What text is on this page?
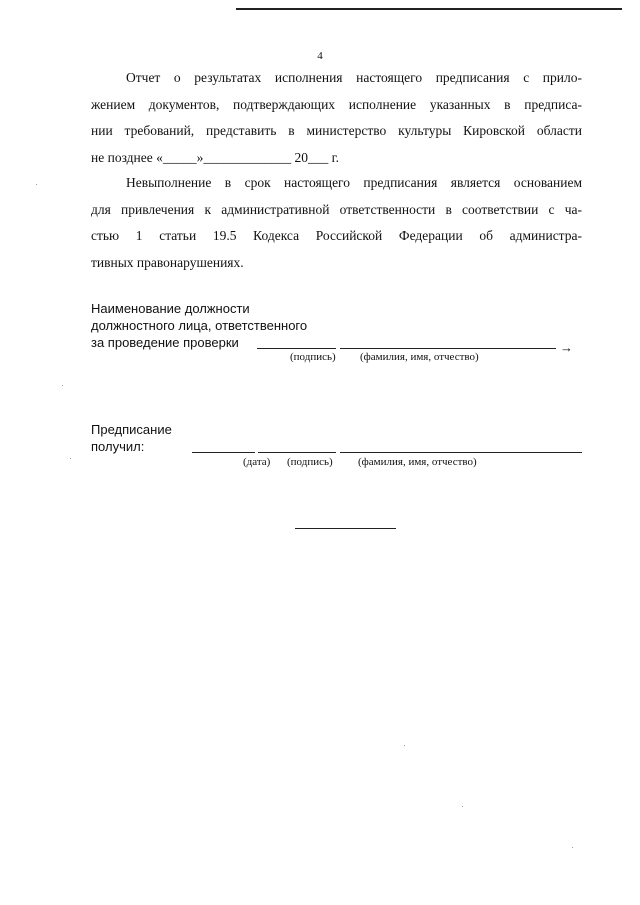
4
Отчет о результатах исполнения настоящего предписания с прило-
жением документов, подтверждающих исполнение указанных в предписа-
нии требований, представить в министерство культуры Кировской области
не позднее «_____»_____________ 20___ г.
Невыполнение в срок настоящего предписания является основанием
для привлечения к административной ответственности в соответствии с ча-
стью 1 статьи 19.5 Кодекса Российской Федерации об администра-
тивных правонарушениях.
Наименование должности
должностного лица, ответственного
за проведение проверки	→
(подпись) (фамилия, имя, отчество)
Предписание
получил:
(дата) (подпись) (фамилия, имя, отчество)
